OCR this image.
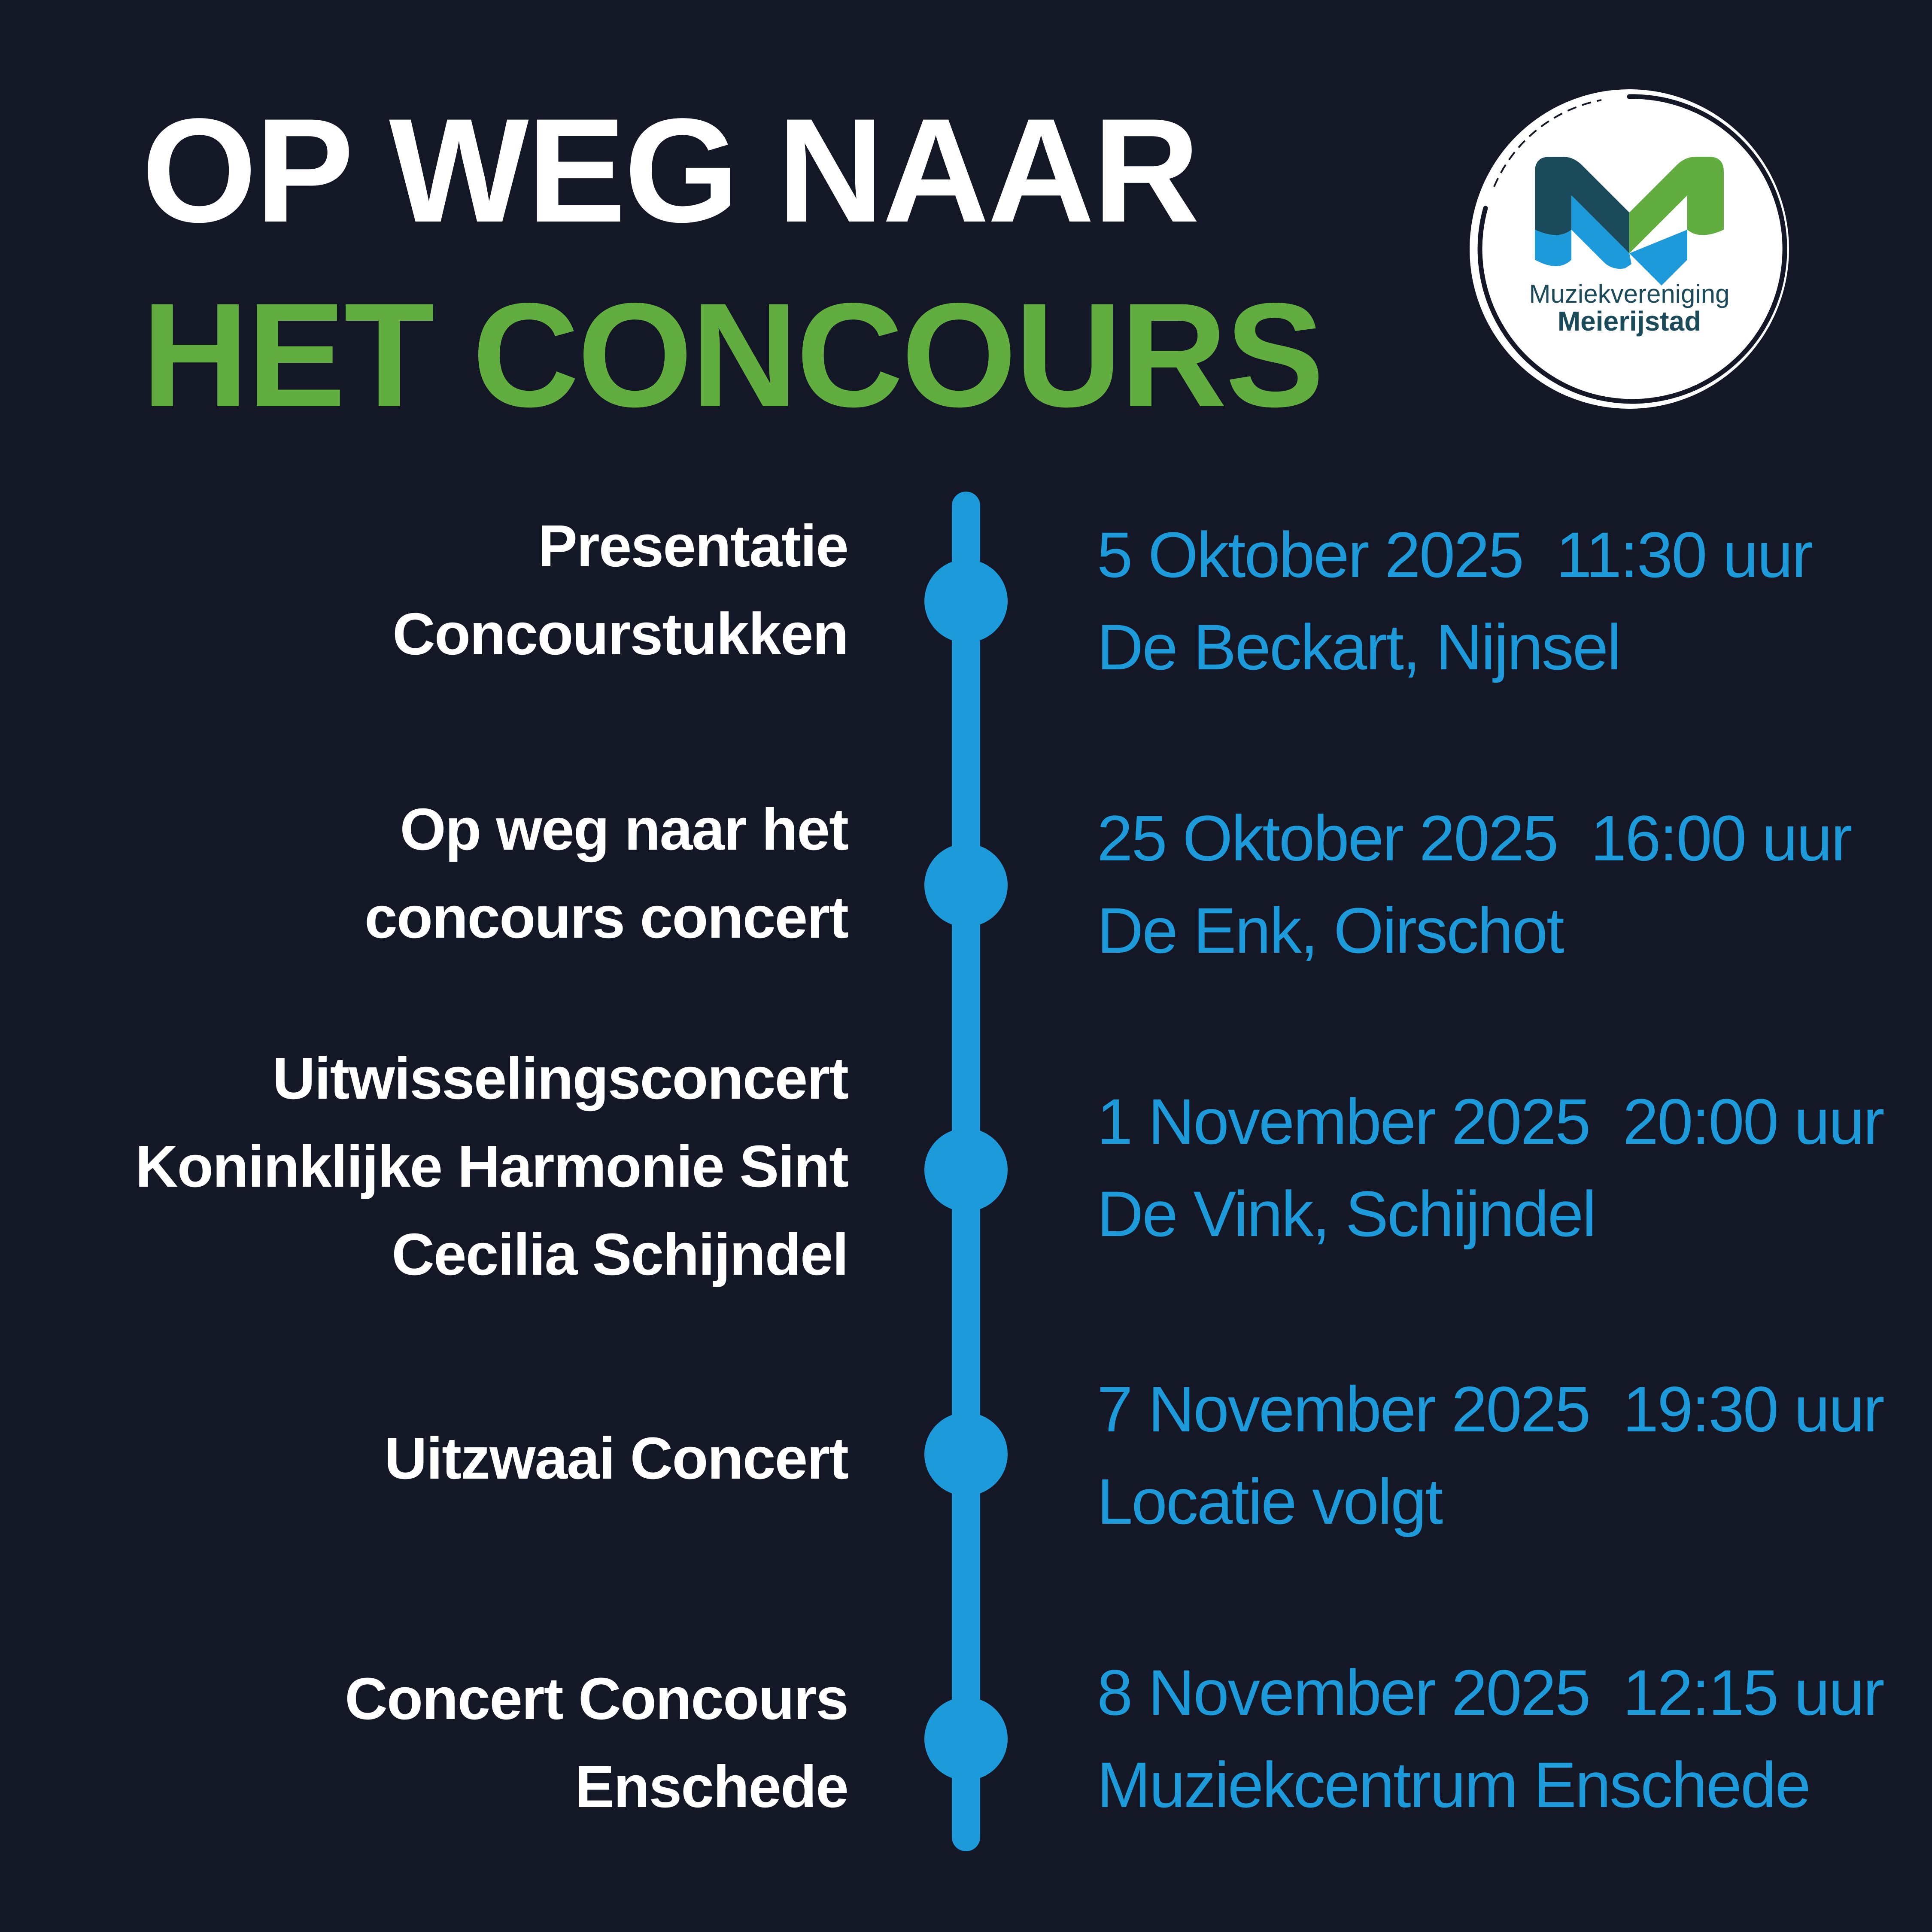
OP WEG NAAR
HET CONCOURS	Muziekvereniging
Meierijstad
Presentatie
Concourstukken
5 Oktober 2025  11:30 uur
De Beckart, Nijnsel
Op weg naar het
concours concert
25 Oktober 2025  16:00 uur
De Enk, Oirschot
Uitwisselingsconcert
Koninklijke Harmonie Sint
Cecilia Schijndel
1 November 2025  20:00 uur
De Vink, Schijndel
Uitzwaai Concert
7 November 2025  19:30 uur
Locatie volgt
Concert Concours
Enschede
8 November 2025  12:15 uur
Muziekcentrum Enschede
